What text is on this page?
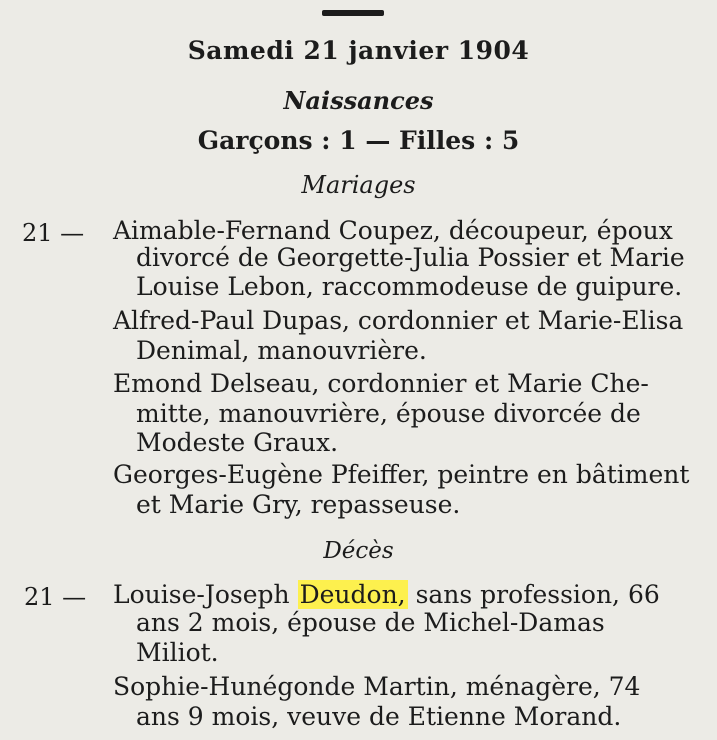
Samedi 21 janvier 1904
Naissances
Garçons : 1 — Filles : 5
Mariages
21 — Aimable-Fernand Coupez, découpeur, époux
divorcé de Georgette-Julia Possier et Marie
Louise Lebon, raccommodeuse de guipure.
Alfred-Paul Dupas, cordonnier et Marie-Elisa
Denimal, manouvrière.
Emond Delseau, cordonnier et Marie Che-
mitte, manouvrière, épouse divorcée de
Modeste Graux.
Georges-Eugène Pfeiffer, peintre en bâtiment
et Marie Gry, repasseuse.
Décès
21 — Louise-Joseph Deudon, sans profession, 66
ans 2 mois, épouse de Michel-Damas
Miliot.
Sophie-Hunégonde Martin, ménagère, 74
ans 9 mois, veuve de Etienne Morand.
